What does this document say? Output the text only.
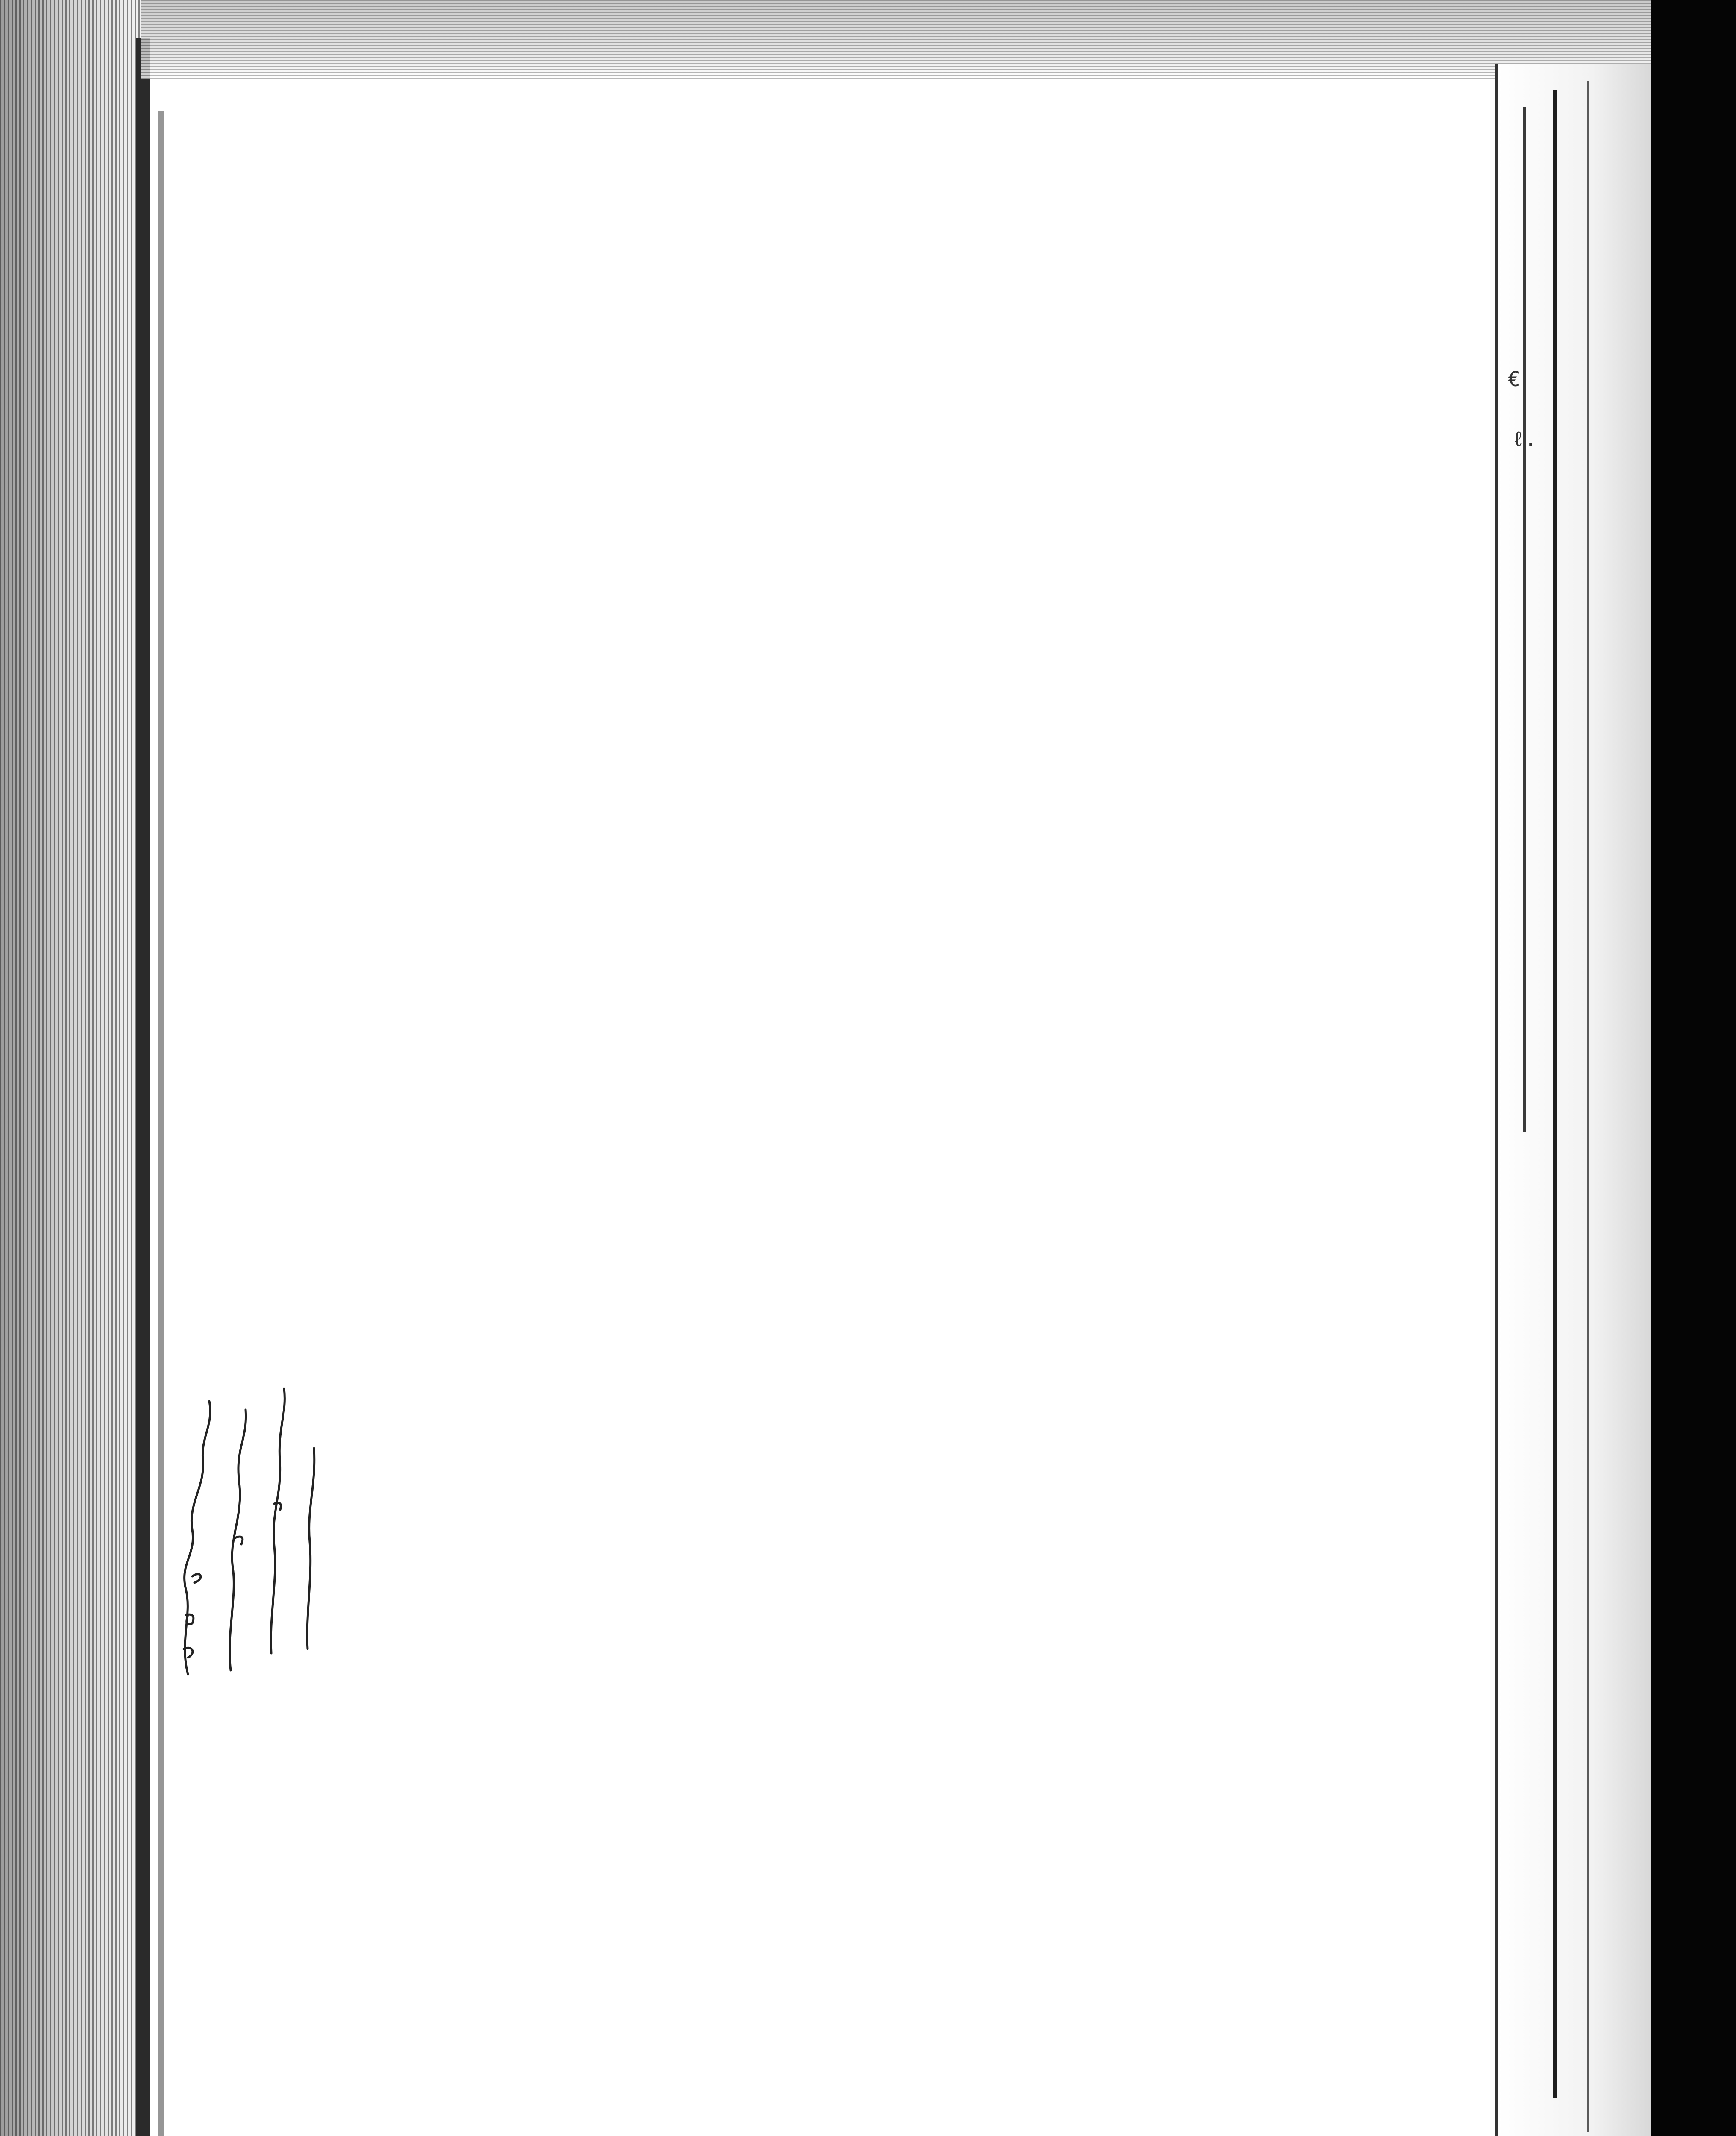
€
ℓ.
